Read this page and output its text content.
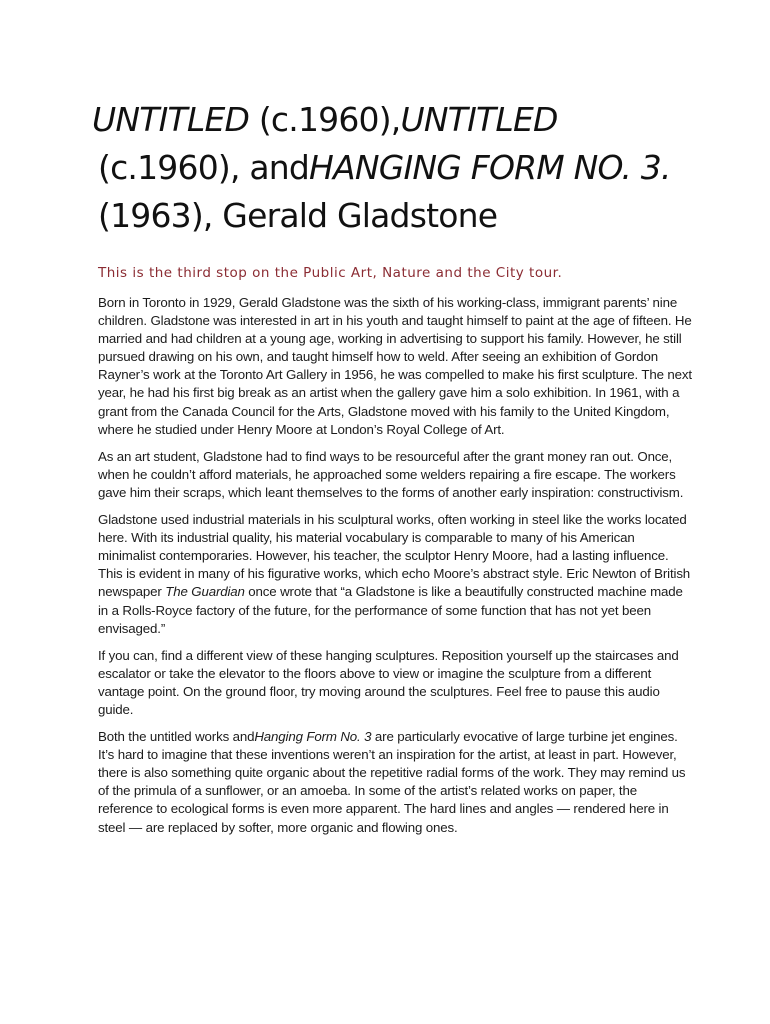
UNTITLED (c.1960),UNTITLED
(c.1960), andHANGING FORM NO. 3.
(1963), Gerald Gladstone

This is the third stop on the Public Art, Nature and the City tour.

Born in Toronto in 1929, Gerald Gladstone was the sixth of his working-class, immigrant parents’ nine children. Gladstone was interested in art in his youth and taught himself to paint at the age of fifteen. He married and had children at a young age, working in advertising to support his family. However, he still pursued drawing on his own, and taught himself how to weld. After seeing an exhibition of Gordon Rayner’s work at the Toronto Art Gallery in 1956, he was compelled to make his first sculpture. The next year, he had his first big break as an artist when the gallery gave him a solo exhibition. In 1961, with a grant from the Canada Council for the Arts, Gladstone moved with his family to the United Kingdom, where he studied under Henry Moore at London’s Royal College of Art.

As an art student, Gladstone had to find ways to be resourceful after the grant money ran out. Once, when he couldn’t afford materials, he approached some welders repairing a fire escape. The workers gave him their scraps, which leant themselves to the forms of another early inspiration: constructivism.

Gladstone used industrial materials in his sculptural works, often working in steel like the works located here. With its industrial quality, his material vocabulary is comparable to many of his American minimalist contemporaries. However, his teacher, the sculptor Henry Moore, had a lasting influence. This is evident in many of his figurative works, which echo Moore’s abstract style. Eric Newton of British newspaper The Guardian once wrote that “a Gladstone is like a beautifully constructed machine made in a Rolls-Royce factory of the future, for the performance of some function that has not yet been envisaged.”

If you can, find a different view of these hanging sculptures. Reposition yourself up the staircases and escalator or take the elevator to the floors above to view or imagine the sculpture from a different vantage point. On the ground floor, try moving around the sculptures. Feel free to pause this audio guide.

Both the untitled works andHanging Form No. 3 are particularly evocative of large turbine jet engines. It’s hard to imagine that these inventions weren’t an inspiration for the artist, at least in part. However, there is also something quite organic about the repetitive radial forms of the work. They may remind us of the primula of a sunflower, or an amoeba. In some of the artist’s related works on paper, the reference to ecological forms is even more apparent. The hard lines and angles — rendered here in steel — are replaced by softer, more organic and flowing ones.
